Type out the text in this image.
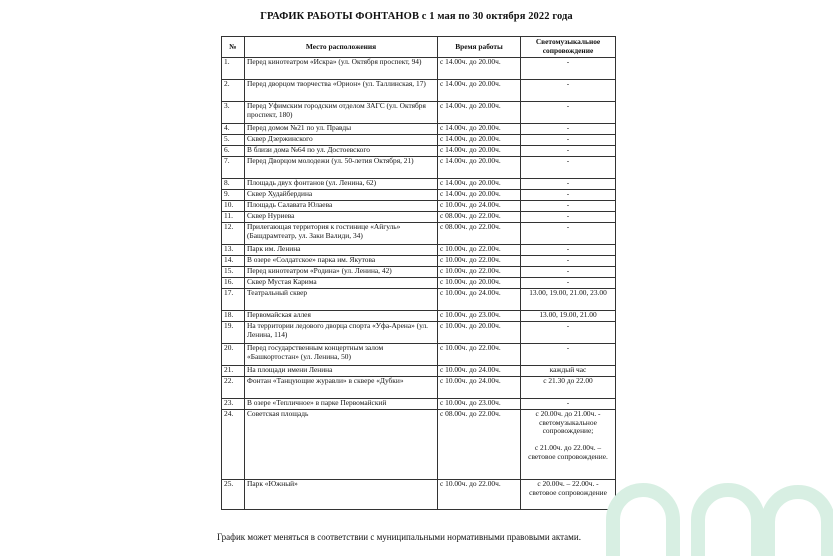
ГРАФИК РАБОТЫ ФОНТАНОВ с 1 мая по 30 октября 2022 года
№	Место расположения	Время работы	Светомузыкальное сопровождение
1.	Перед кинотеатром «Искра» (ул. Октября проспект, 94)	с 14.00ч. до 20.00ч.	-
2.	Перед дворцом творчества «Орион» (ул. Таллинская, 17)	с 14.00ч. до 20.00ч.	-
3.	Перед Уфимским городским отделом ЗАГС (ул. Октября проспект, 180)	с 14.00ч. до 20.00ч.	-
4.	Перед домом №21 по ул. Правды	с 14.00ч. до 20.00ч.	-
5.	Сквер Дзержинского	с 14.00ч. до 20.00ч.	-
6.	В близи дома №64 по ул. Достоевского	с 14.00ч. до 20.00ч.	-
7.	Перед Дворцом молодежи (ул. 50-летия Октября, 21)	с 14.00ч. до 20.00ч.	-
8.	Площадь двух фонтанов (ул. Ленина, 62)	с 14.00ч. до 20.00ч.	-
9.	Сквер Худайбердина	с 14.00ч. до 20.00ч.	-
10.	Площадь Салавата Юлаева	с 10.00ч. до 24.00ч.	-
11.	Сквер Нуриева	с 08.00ч. до 22.00ч.	-
12.	Прилегающая территория к гостинице «Айгуль» (Башдрамтеатр, ул. Заки Валиди, 34)	с 08.00ч. до 22.00ч.	-
13.	Парк им. Ленина	с 10.00ч. до 22.00ч.	-
14.	В озере «Солдатское» парка им. Якутова	с 10.00ч. до 22.00ч.	-
15.	Перед кинотеатром «Родина» (ул. Ленина, 42)	с 10.00ч. до 22.00ч.	-
16.	Сквер Мустая Карима	с 10.00ч. до 20.00ч.	-
17.	Театральный сквер	с 10.00ч. до 24.00ч.	13.00, 19.00, 21.00, 23.00
18.	Первомайская аллея	с 10.00ч. до 23.00ч.	13.00, 19.00, 21.00
19.	На территории ледового дворца спорта «Уфа-Арена» (ул. Ленина, 114)	с 10.00ч. до 20.00ч.	-
20.	Перед государственным концертным залом «Башкортостан» (ул. Ленина, 50)	с 10.00ч. до 22.00ч.	-
21.	На площади имени Ленина	с 10.00ч. до 24.00ч.	каждый час
22.	Фонтан «Танцующие журавли» в сквере «Дубки»	с 10.00ч. до 24.00ч.	с 21.30 до 22.00
23.	В озере «Тепличное» в парке Первомайский	с 10.00ч. до 23.00ч.	-
24.	Советская площадь	с 08.00ч. до 22.00ч.	с 20.00ч. до 21.00ч. - светомузыкальное сопровождение;

с 21.00ч. до 22.00ч. – световое сопровождение.
25.	Парк «Южный»	с 10.00ч. до 22.00ч.	с 20.00ч. – 22.00ч. - световое сопровождение
График может меняться в соответствии с муниципальными нормативными правовыми актами.
